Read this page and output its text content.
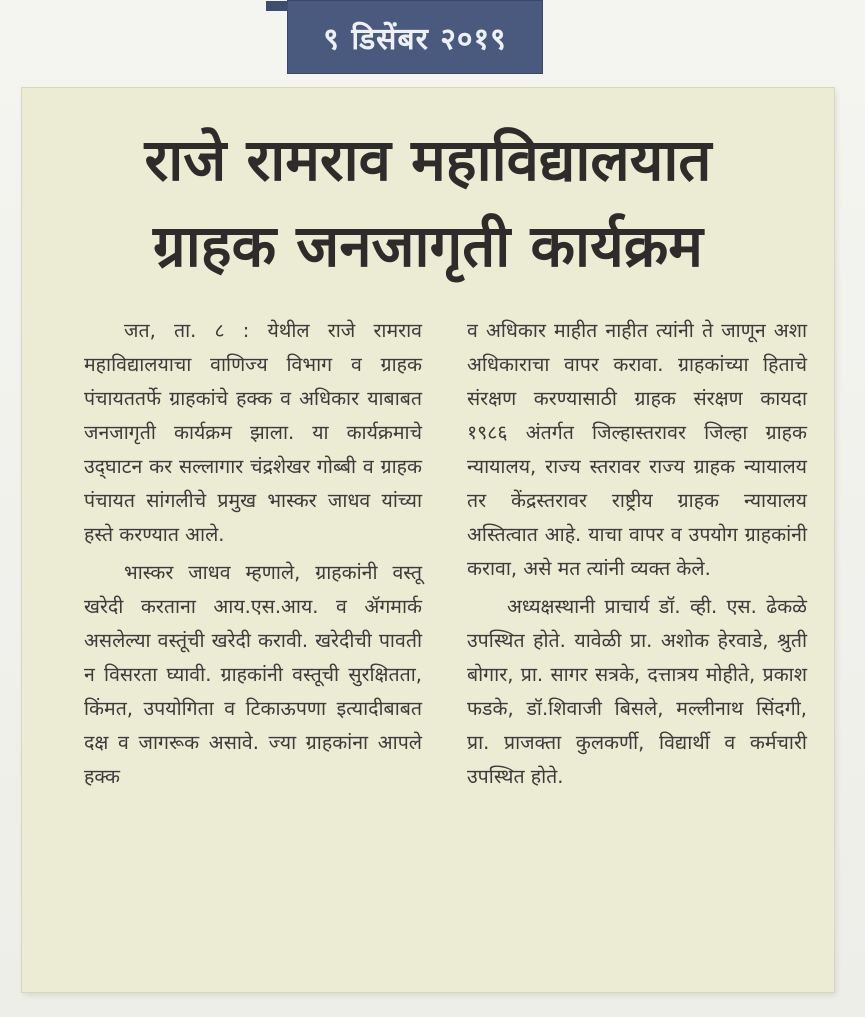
९ डिसेंबर २०१९
राजे रामराव महाविद्यालयात
ग्राहक जनजागृती कार्यक्रम

जत, ता. ८ : येथील राजे रामराव महाविद्यालयाचा वाणिज्य विभाग व ग्राहक पंचायततर्फे ग्राहकांचे हक्क व अधिकार याबाबत जनजागृती कार्यक्रम झाला. या कार्यक्रमाचे उद्‌घाटन कर सल्लागार चंद्रशेखर गोब्बी व ग्राहक पंचायत सांगलीचे प्रमुख भास्कर जाधव यांच्या हस्ते करण्यात आले.

भास्कर जाधव म्हणाले, ग्राहकांनी वस्तू खरेदी करताना आय.एस.आय. व ॲगमार्क असलेल्या वस्तूंची खरेदी करावी. खरेदीची पावती न विसरता घ्यावी. ग्राहकांनी वस्तूची सुरक्षितता, किंमत, उपयोगिता व टिकाऊपणा इत्यादीबाबत दक्ष व जागरूक असावे. ज्या ग्राहकांना आपले हक्क

व अधिकार माहीत नाहीत त्यांनी ते जाणून अशा अधिकाराचा वापर करावा. ग्राहकांच्या हिताचे संरक्षण करण्यासाठी ग्राहक संरक्षण कायदा १९८६ अंतर्गत जिल्हास्तरावर जिल्हा ग्राहक न्यायालय, राज्य स्तरावर राज्य ग्राहक न्यायालय तर केंद्रस्तरावर राष्ट्रीय ग्राहक न्यायालय अस्तित्वात आहे. याचा वापर व उपयोग ग्राहकांनी करावा, असे मत त्यांनी व्यक्त केले.

अध्यक्षस्थानी प्राचार्य डॉ. व्ही. एस. ढेकळे उपस्थित होते. यावेळी प्रा. अशोक हेरवाडे, श्रुती बोगार, प्रा. सागर सत्रके, दत्तात्रय मोहीते, प्रकाश फडके, डॉ.शिवाजी बिसले, मल्लीनाथ सिंदगी, प्रा. प्राजक्ता कुलकर्णी, विद्यार्थी व कर्मचारी उपस्थित होते.
